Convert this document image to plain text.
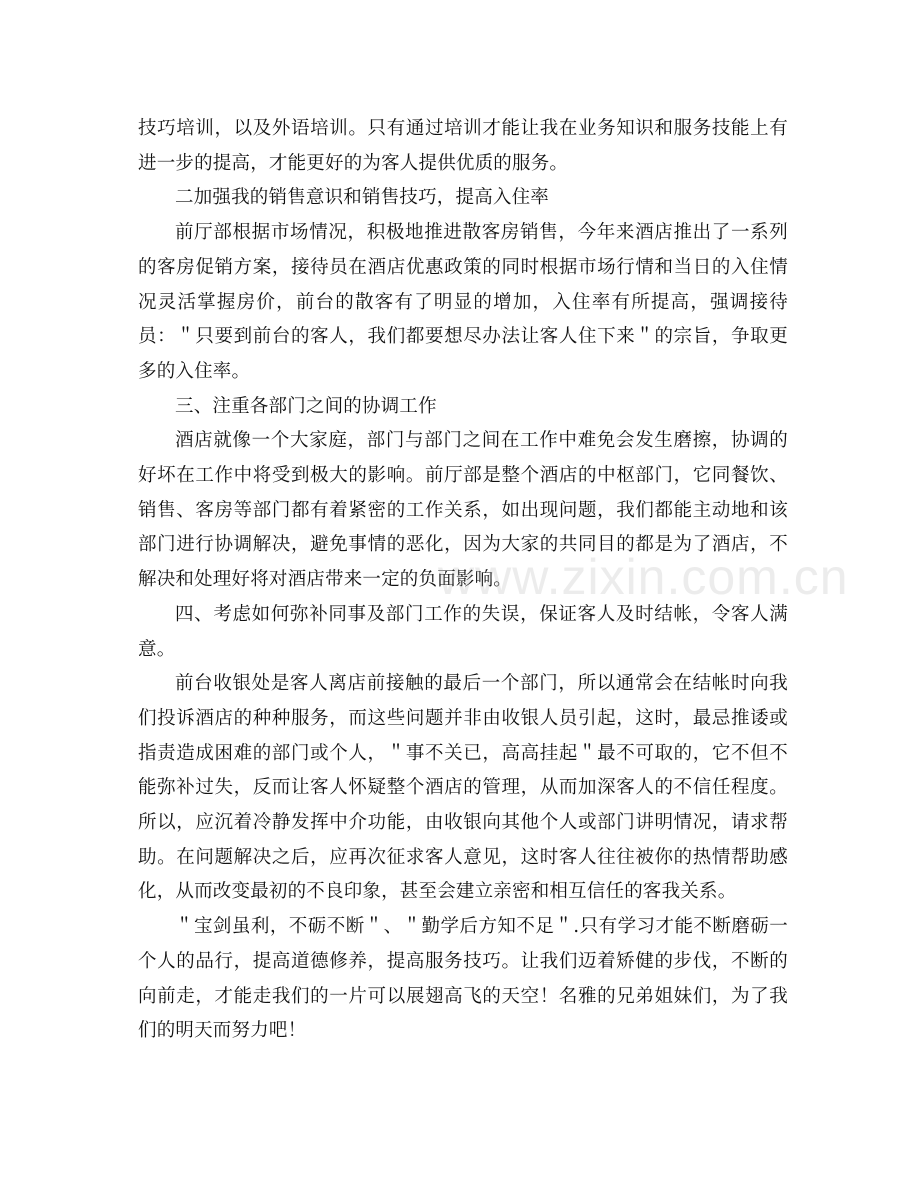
技巧培训，以及外语培训。只有通过培训才能让我在业务知识和服务技能上有进一步的提高，才能更好的为客人提供优质的服务。

二加强我的销售意识和销售技巧，提高入住率

前厅部根据市场情况，积极地推进散客房销售，今年来酒店推出了一系列的客房促销方案，接待员在酒店优惠政策的同时根据市场行情和当日的入住情况灵活掌握房价，前台的散客有了明显的增加，入住率有所提高，强调接待员：＂只要到前台的客人，我们都要想尽办法让客人住下来＂的宗旨，争取更多的入住率。

三、注重各部门之间的协调工作

酒店就像一个大家庭，部门与部门之间在工作中难免会发生磨擦，协调的好坏在工作中将受到极大的影响。前厅部是整个酒店的中枢部门，它同餐饮、销售、客房等部门都有着紧密的工作关系，如出现问题，我们都能主动地和该部门进行协调解决，避免事情的恶化，因为大家的共同目的都是为了酒店，不解决和处理好将对酒店带来一定的负面影响。

四、考虑如何弥补同事及部门工作的失误，保证客人及时结帐，令客人满意。

前台收银处是客人离店前接触的最后一个部门，所以通常会在结帐时向我们投诉酒店的种种服务，而这些问题并非由收银人员引起，这时，最忌推诿或指责造成困难的部门或个人，＂事不关已，高高挂起＂最不可取的，它不但不能弥补过失，反而让客人怀疑整个酒店的管理，从而加深客人的不信任程度。所以，应沉着冷静发挥中介功能，由收银向其他个人或部门讲明情况，请求帮助。在问题解决之后，应再次征求客人意见，这时客人往往被你的热情帮助感化，从而改变最初的不良印象，甚至会建立亲密和相互信任的客我关系。

＂宝剑虽利，不砺不断＂、＂勤学后方知不足＂.只有学习才能不断磨砺一个人的品行，提高道德修养，提高服务技巧。让我们迈着矫健的步伐，不断的向前走，才能走我们的一片可以展翅高飞的天空！名雅的兄弟姐妹们，为了我们的明天而努力吧！

www.zixin.com.cn
